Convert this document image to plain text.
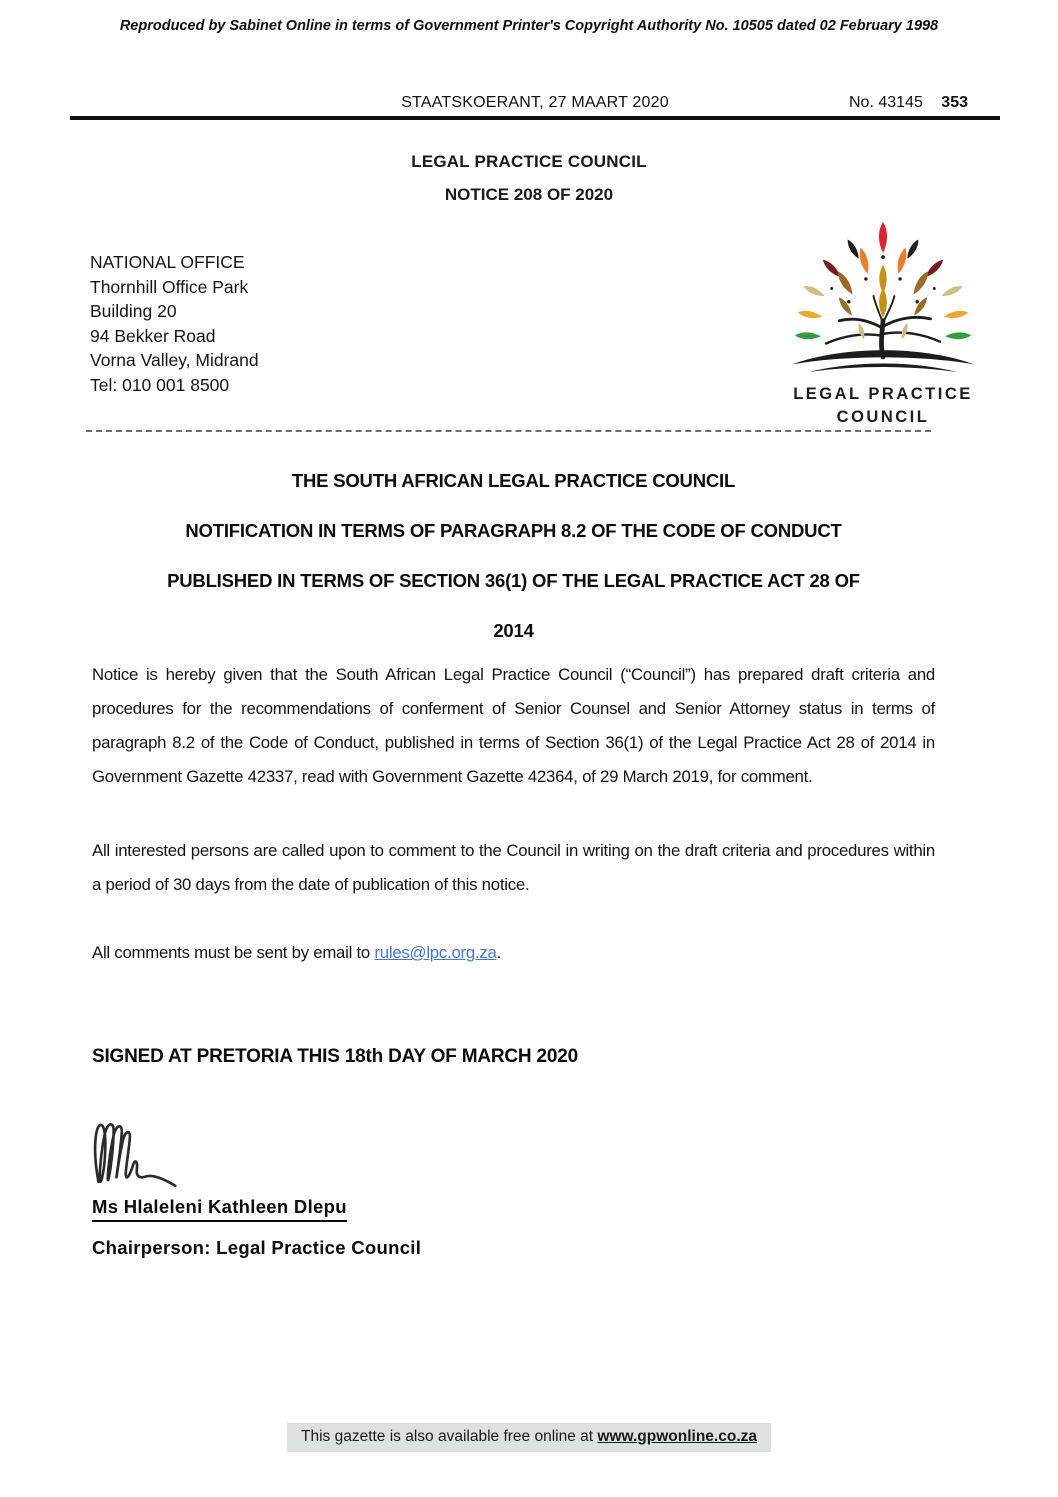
Reproduced by Sabinet Online in terms of Government Printer's Copyright Authority No. 10505 dated 02 February 1998
STAATSKOERANT, 27 MAART 2020	No. 43145 353
LEGAL PRACTICE COUNCIL
NOTICE 208 OF 2020
NATIONAL OFFICE
Thornhill Office Park
Building 20
94 Bekker Road
Vorna Valley, Midrand
Tel: 010 001 8500	LEGAL PRACTICE
COUNCIL
THE SOUTH AFRICAN LEGAL PRACTICE COUNCIL
NOTIFICATION IN TERMS OF PARAGRAPH 8.2 OF THE CODE OF CONDUCT
PUBLISHED IN TERMS OF SECTION 36(1) OF THE LEGAL PRACTICE ACT 28 OF
2014
Notice is hereby given that the South African Legal Practice Council (“Council”) has prepared draft criteria and procedures for the recommendations of conferment of Senior Counsel and Senior Attorney status in terms of paragraph 8.2 of the Code of Conduct, published in terms of Section 36(1) of the Legal Practice Act 28 of 2014 in Government Gazette 42337, read with Government Gazette 42364, of 29 March 2019, for comment.
All interested persons are called upon to comment to the Council in writing on the draft criteria and procedures within a period of 30 days from the date of publication of this notice.
All comments must be sent by email to rules@lpc.org.za.
SIGNED AT PRETORIA THIS 18th DAY OF MARCH 2020
Ms Hlaleleni Kathleen Dlepu
Chairperson: Legal Practice Council
This gazette is also available free online at www.gpwonline.co.za
